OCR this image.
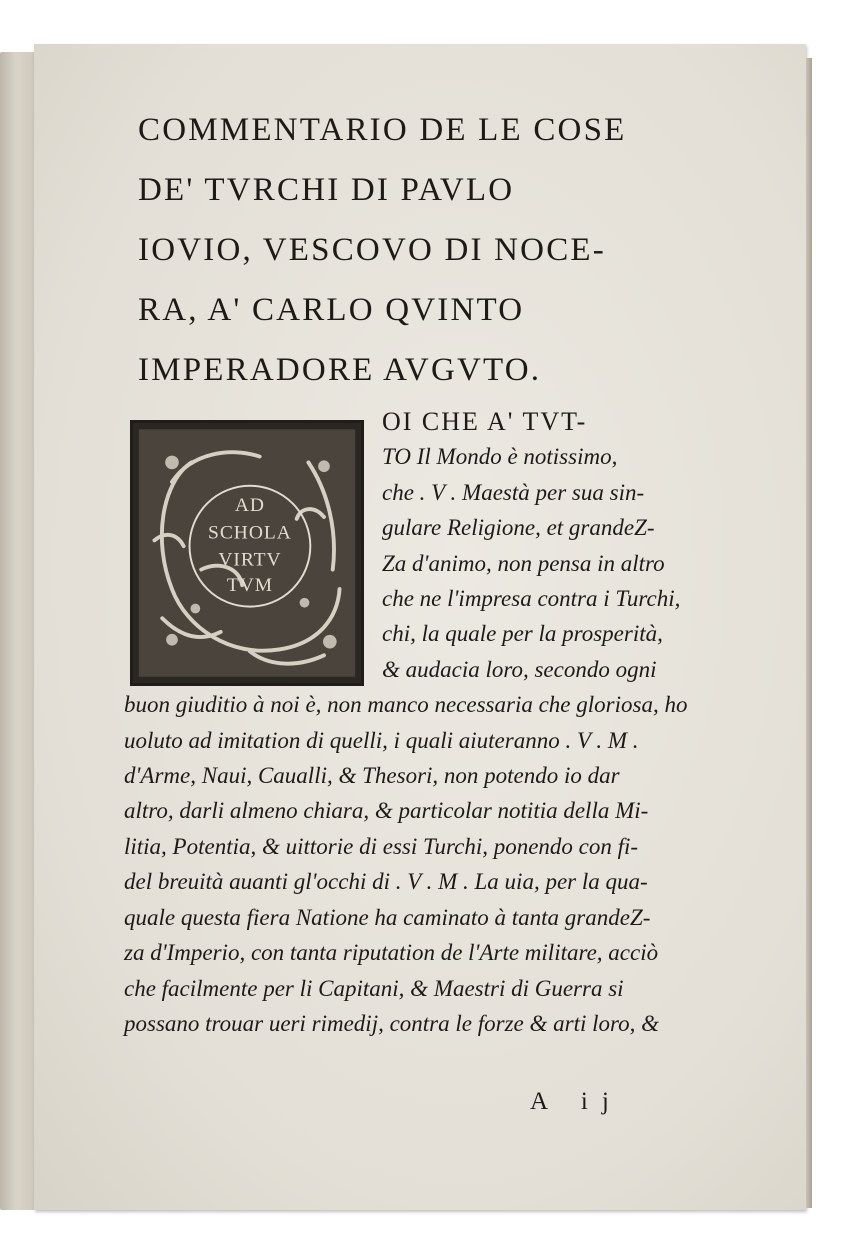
COMMENTARIO DE LE COSE
DE' TVRCHI DI PAVLO
IOVIO, VESCOVO DI NOCE-
RA, A' CARLO QVINTO
IMPERADORE AVGVTO.
AD
SCHOLA
VIRTV
TVM
OI CHE A' TVT-
TO Il Mondo è notissimo,
che . V . Maestà per sua sin-
gulare Religione, et grandeZ-
Za d'animo, non pensa in altro
che ne l'impresa contra i Turchi,
chi, la quale per la prosperità,
& audacia loro, secondo ogni
buon giuditio à noi è, non manco necessaria che gloriosa, ho
uoluto ad imitation di quelli, i quali aiuteranno . V . M .
d'Arme, Naui, Caualli, & Thesori, non potendo io dar
altro, darli almeno chiara, & particolar notitia della Mi-
litia, Potentia, & uittorie di essi Turchi, ponendo con fi-
del breuità auanti gl'occhi di . V . M . La uia, per la qua-
quale questa fiera Natione ha caminato à tanta grandeZ-
za d'Imperio, con tanta riputation de l'Arte militare, acciò
che facilmente per li Capitani, & Maestri di Guerra si
possano trouar ueri rimedij, contra le forze & arti loro, &
A ij
